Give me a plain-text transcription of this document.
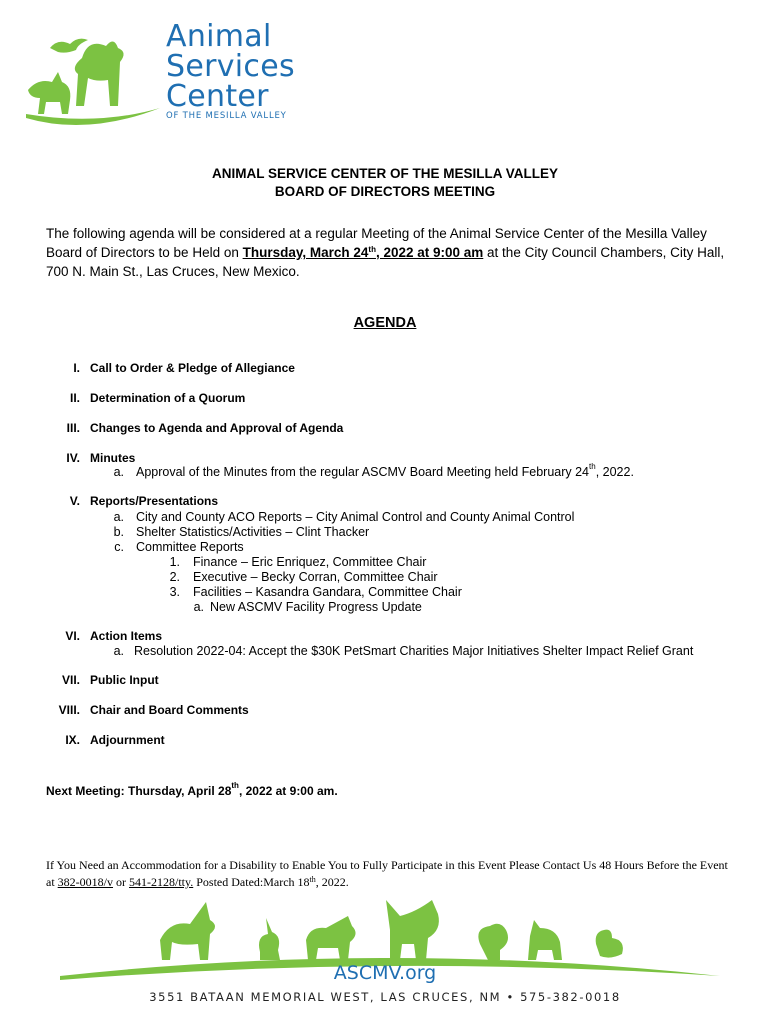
Animal
Services
Center
OF THE MESILLA VALLEY
ANIMAL SERVICE CENTER OF THE MESILLA VALLEY
BOARD OF DIRECTORS MEETING
The following agenda will be considered at a regular Meeting of the Animal Service Center of the Mesilla Valley Board of Directors to be Held on Thursday, March 24th, 2022 at 9:00 am at the City Council Chambers, City Hall, 700 N. Main St., Las Cruces, New Mexico.
AGENDA
I. Call to Order & Pledge of Allegiance
II. Determination of a Quorum
III. Changes to Agenda and Approval of Agenda
IV. Minutes
a. Approval of the Minutes from the regular ASCMV Board Meeting held February 24th, 2022.
V. Reports/Presentations
a. City and County ACO Reports – City Animal Control and County Animal Control
b. Shelter Statistics/Activities – Clint Thacker
c. Committee Reports
1. Finance – Eric Enriquez, Committee Chair
2. Executive – Becky Corran, Committee Chair
3. Facilities – Kasandra Gandara, Committee Chair
a. New ASCMV Facility Progress Update
VI. Action Items
a. Resolution 2022-04: Accept the $30K PetSmart Charities Major Initiatives Shelter Impact Relief Grant
VII. Public Input
VIII. Chair and Board Comments
IX. Adjournment
Next Meeting: Thursday, April 28th, 2022 at 9:00 am.
If You Need an Accommodation for a Disability to Enable You to Fully Participate in this Event Please Contact Us 48 Hours Before the Event at 382-0018/v or 541-2128/tty. Posted Dated:March 18th, 2022.
ASCMV.org
3551 BATAAN MEMORIAL WEST, LAS CRUCES, NM • 575-382-0018
